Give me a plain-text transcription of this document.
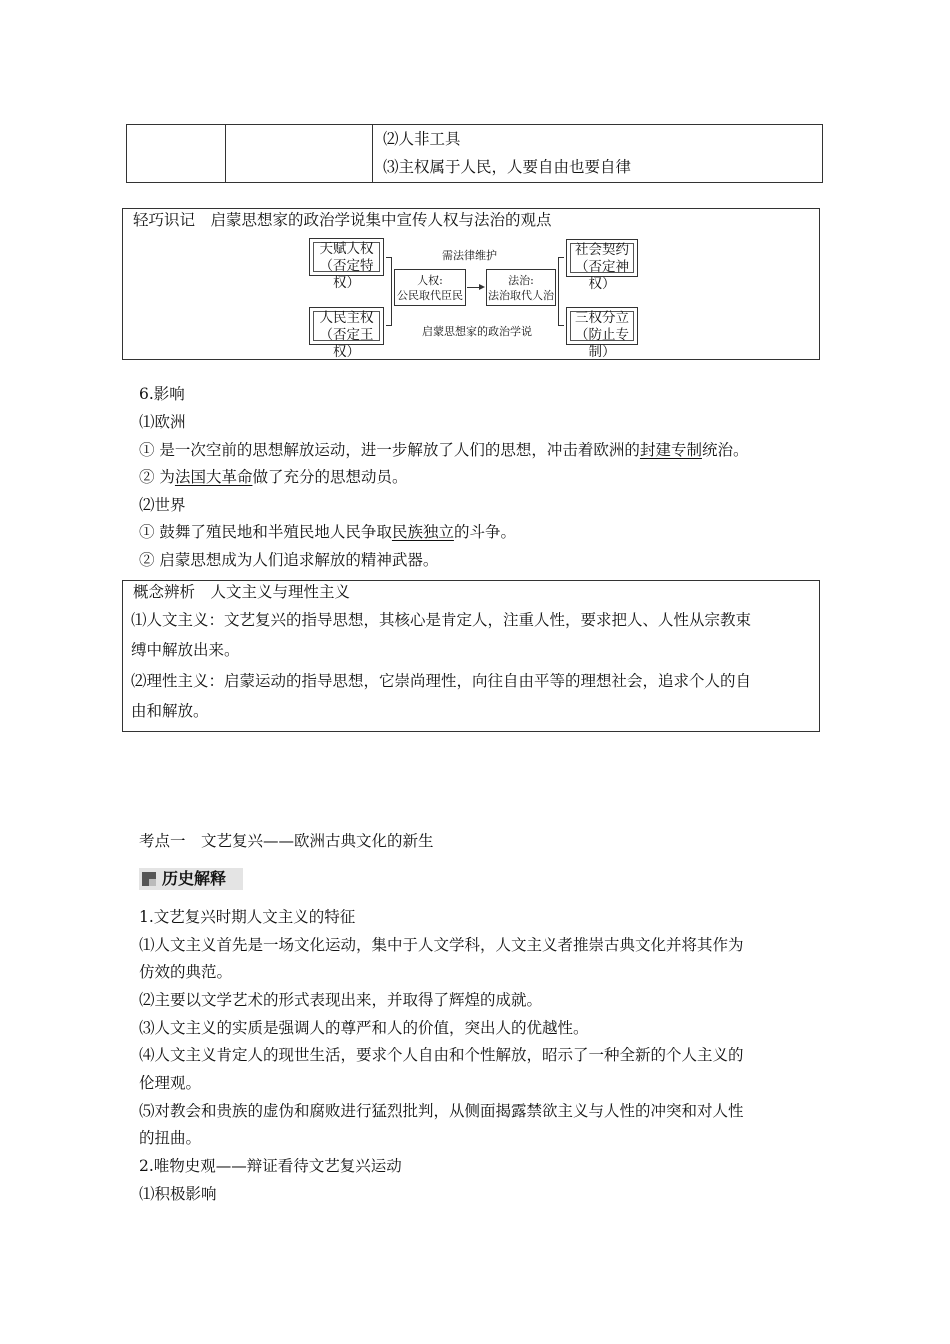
⑵人非工具
⑶主权属于人民，人要自由也要自律
轻巧识记　启蒙思想家的政治学说集中宣传人权与法治的观点
天赋人权
（否定特权）
人民主权
（否定王权）
人权:
公民取代臣民
法治:
法治取代人治
需法律维护
启蒙思想家的政治学说
社会契约
（否定神权）
三权分立
（防止专制）
6.影响
⑴欧洲
① 是一次空前的思想解放运动，进一步解放了人们的思想，冲击着欧洲的封建专制统治。
② 为法国大革命做了充分的思想动员。
⑵世界
① 鼓舞了殖民地和半殖民地人民争取民族独立的斗争。
② 启蒙思想成为人们追求解放的精神武器。
概念辨析　人文主义与理性主义
⑴人文主义：文艺复兴的指导思想，其核心是肯定人，注重人性，要求把人、人性从宗教束
缚中解放出来。
⑵理性主义：启蒙运动的指导思想，它崇尚理性，向往自由平等的理想社会，追求个人的自
由和解放。
考点一　文艺复兴——欧洲古典文化的新生
历史解释
1.文艺复兴时期人文主义的特征
⑴人文主义首先是一场文化运动，集中于人文学科，人文主义者推崇古典文化并将其作为
仿效的典范。
⑵主要以文学艺术的形式表现出来，并取得了辉煌的成就。
⑶人文主义的实质是强调人的尊严和人的价值，突出人的优越性。
⑷人文主义肯定人的现世生活，要求个人自由和个性解放，昭示了一种全新的个人主义的
伦理观。
⑸对教会和贵族的虚伪和腐败进行猛烈批判，从侧面揭露禁欲主义与人性的冲突和对人性
的扭曲。
2.唯物史观——辩证看待文艺复兴运动
⑴积极影响
